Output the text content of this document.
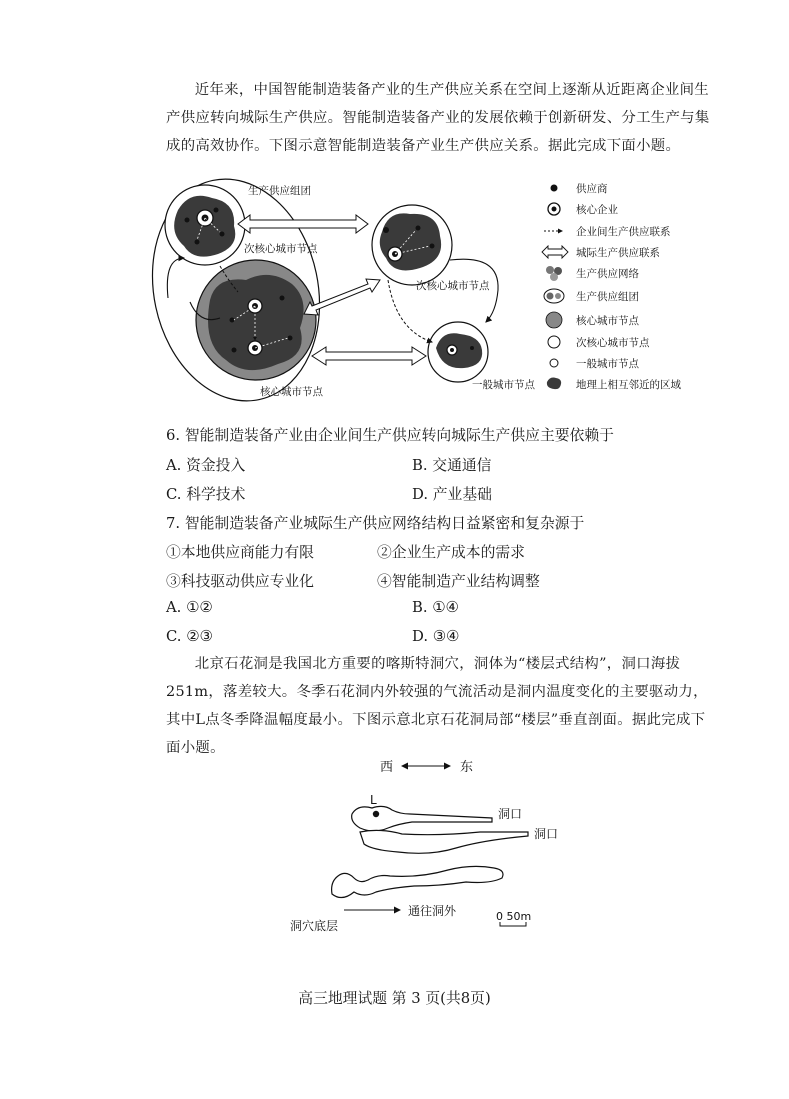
近年来，中国智能制造装备产业的生产供应关系在空间上逐渐从近距离企业间生产供应转向城际生产供应。智能制造装备产业的发展依赖于创新研发、分工生产与集成的高效协作。下图示意智能制造装备产业生产供应关系。据此完成下面小题。

生产供应组团
次核心城市节点
次核心城市节点
核心城市节点
一般城市节点
供应商
核心企业
企业间生产供应联系
城际生产供应联系
生产供应网络
生产供应组团
核心城市节点
次核心城市节点
一般城市节点
地理上相互邻近的区域
6. 智能制造装备产业由企业间生产供应转向城际生产供应主要依赖于
A. 资金投入	B. 交通通信
C. 科学技术	D. 产业基础
7. 智能制造装备产业城际生产供应网络结构日益紧密和复杂源于
①本地供应商能力有限	②企业生产成本的需求
③科技驱动供应专业化	④智能制造产业结构调整
A. ①②	B. ①④
C. ②③	D. ③④

北京石花洞是我国北方重要的喀斯特洞穴，洞体为“楼层式结构”，洞口海拔251m，落差较大。冬季石花洞内外较强的气流活动是洞内温度变化的主要驱动力，其中L点冬季降温幅度最小。下图示意北京石花洞局部“楼层”垂直剖面。据此完成下面小题。

西	东
L
洞口
洞口
洞穴底层
通往洞外	0 50m
高三地理试题 第 3 页(共8页)
